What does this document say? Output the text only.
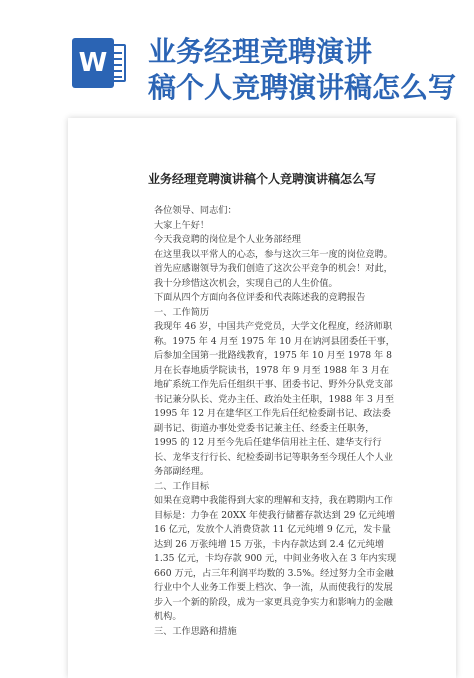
W 业务经理竞聘演讲
稿个人竞聘演讲稿怎么写
业务经理竞聘演讲稿个人竞聘演讲稿怎么写

各位领导、同志们：

大家上午好！

今天我竞聘的岗位是个人业务部经理

在这里我以平常人的心态，参与这次三年一度的岗位竞聘。首先应感谢领导为我们创造了这次公平竞争的机会！对此，我十分珍惜这次机会，实现自己的人生价值。

下面从四个方面向各位评委和代表陈述我的竞聘报告

一、工作简历

我现年 46 岁，中国共产党党员，大学文化程度，经济师职称。1975 年 4 月至 1975 年 10 月在讷河县团委任干事，后参加全国第一批路线教育，1975 年 10 月至 1978 年 8 月在长春地质学院读书，1978 年 9 月至 1988 年 3 月在地矿系统工作先后任组织干事、团委书记、野外分队党支部书记兼分队长、党办主任、政治处主任职，1988 年 3 月至 1995 年 12 月在建华区工作先后任纪检委副书记、政法委副书记、街道办事处党委书记兼主任、经委主任职务， 1995 的 12 月至今先后任建华信用社主任、建华支行行长、龙华支行行长、纪检委副书记等职务至今现任人个人业务部副经理。

二、工作目标

如果在竞聘中我能得到大家的理解和支持，我在聘期内工作目标是：力争在 20XX 年使我行储蓄存款达到 29 亿元纯增 16 亿元，发放个人消费贷款 11 亿元纯增 9 亿元，发卡量达到 26 万张纯增 15 万张，卡内存款达到 2.4 亿元纯增 1.35 亿元，卡均存款 900 元，中间业务收入在 3 年内实现 660 万元，占三年利润平均数的 3.5%。经过努力全市金融行业中个人业务工作要上档次、争一流，从而使我行的发展步入一个新的阶段，成为一家更具竞争实力和影响力的金融机构。

三、工作思路和措施
